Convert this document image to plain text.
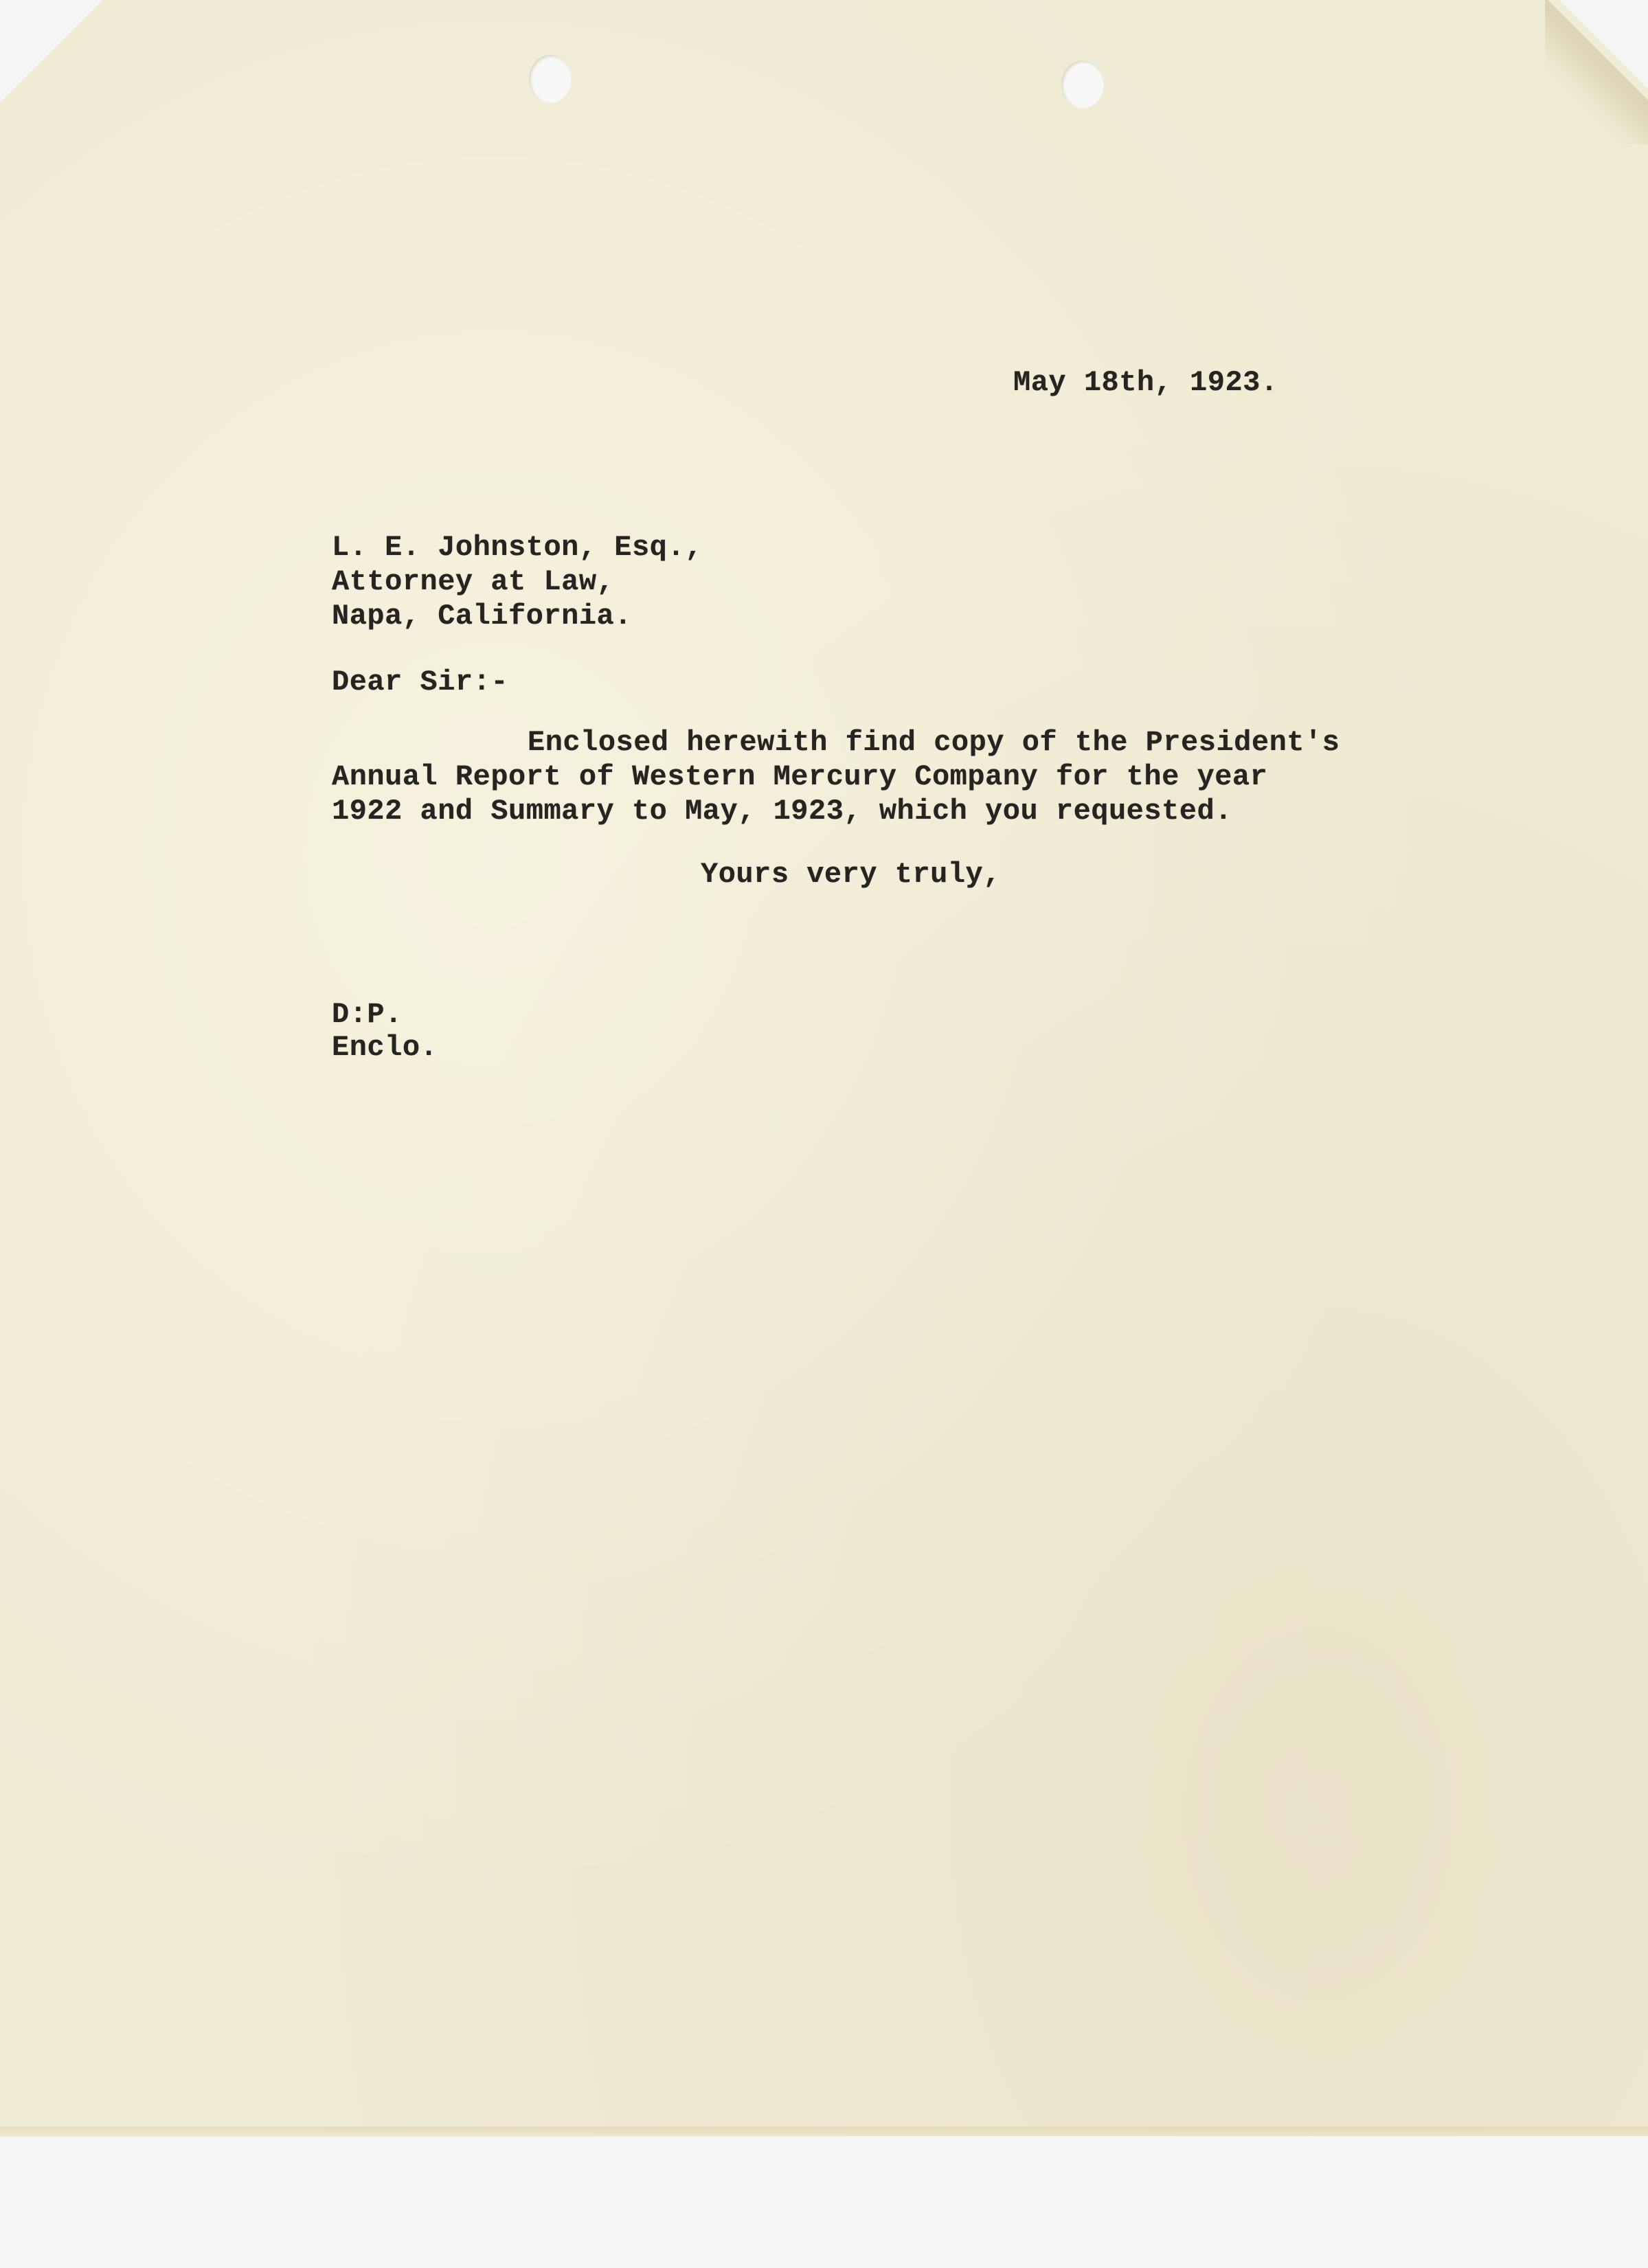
May 18th, 1923.
L. E. Johnston, Esq.,
Attorney at Law,
Napa, California.
Dear Sir:-
Enclosed herewith find copy of the President's
Annual Report of Western Mercury Company for the year
1922 and Summary to May, 1923, which you requested.
Yours very truly,
D:P.
Enclo.
